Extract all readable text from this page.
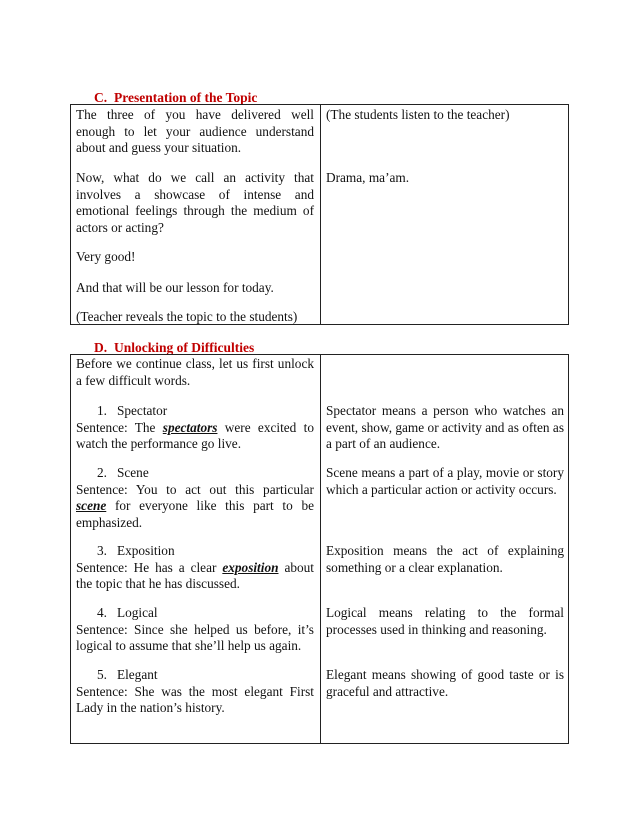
C. Presentation of the Topic
The three of you have delivered well enough to let your audience understand about and guess your situation.
Now, what do we call an activity that involves a showcase of intense and emotional feelings through the medium of actors or acting?
Very good!
And that will be our lesson for today.
(Teacher reveals the topic to the students)
(The students listen to the teacher)
Drama, ma’am.
D. Unlocking of Difficulties
Before we continue class, let us first unlock a few difficult words.
1. Spectator
Sentence: The spectators were excited to watch the performance go live.
2. Scene
Sentence: You to act out this particular scene for everyone like this part to be emphasized.
3. Exposition
Sentence: He has a clear exposition about the topic that he has discussed.
4. Logical
Sentence: Since she helped us before, it’s logical to assume that she’ll help us again.
5. Elegant
Sentence: She was the most elegant First Lady in the nation’s history.
Spectator means a person who watches an event, show, game or activity and as often as a part of an audience.
Scene means a part of a play, movie or story which a particular action or activity occurs.
Exposition means the act of explaining something or a clear explanation.
Logical means relating to the formal processes used in thinking and reasoning.
Elegant means showing of good taste or is graceful and attractive.
